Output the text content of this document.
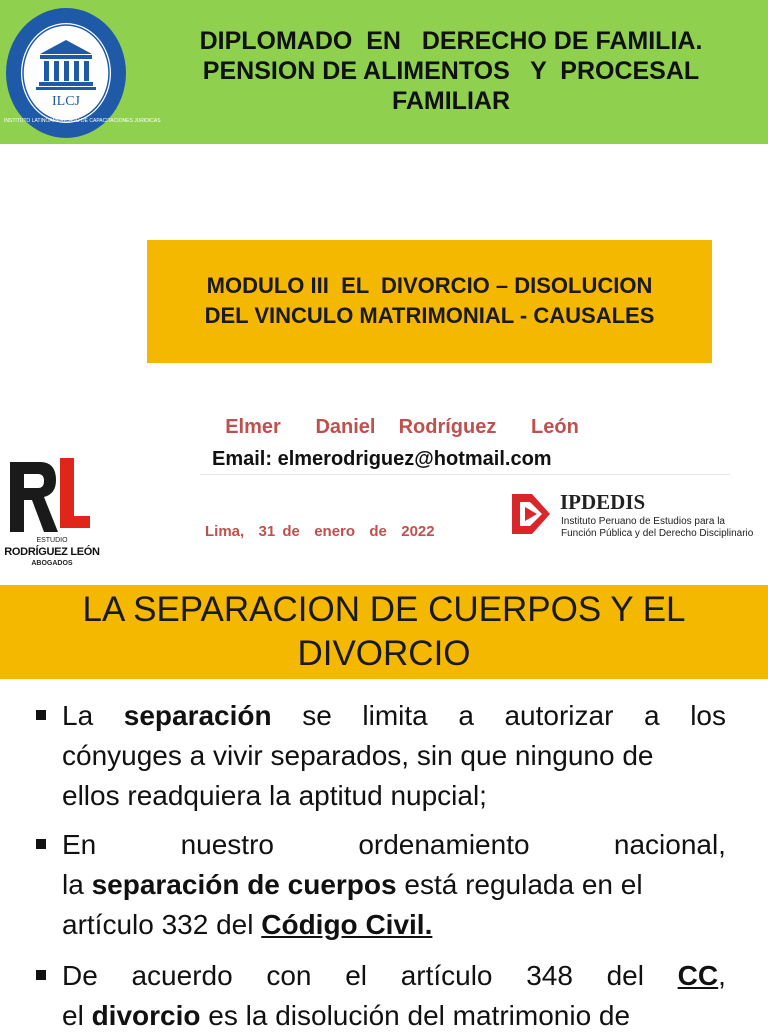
ILCJ
INSTITUTO LATINOAMERICANO DE CAPACITACIONES JURIDICAS
DIPLOMADO  EN   DERECHO DE FAMILIA.
PENSION DE ALIMENTOS   Y  PROCESAL
FAMILIAR
MODULO III  EL  DIVORCIO – DISOLUCION
DEL VINCULO MATRIMONIAL - CAUSALES
Elmer   Daniel  Rodríguez   León
Email: elmerodriguez@hotmail.com
Lima,  31 de  enero  de  2022
ESTUDIO
RODRÍGUEZ LEÓN
ABOGADOS
IPDEDIS
Instituto Peruano de Estudios para la
Función Pública y del Derecho Disciplinario
LA SEPARACION DE CUERPOS Y EL
DIVORCIO
La separación se limita a autorizar a los
cónyuges a vivir separados, sin que ninguno de
ellos readquiera la aptitud nupcial;
En	nuestro	ordenamiento	nacional,
la separación de cuerpos está regulada en el
artículo 332 del Código Civil.
De acuerdo con el artículo 348 del CC,
el divorcio es la disolución del matrimonio de
